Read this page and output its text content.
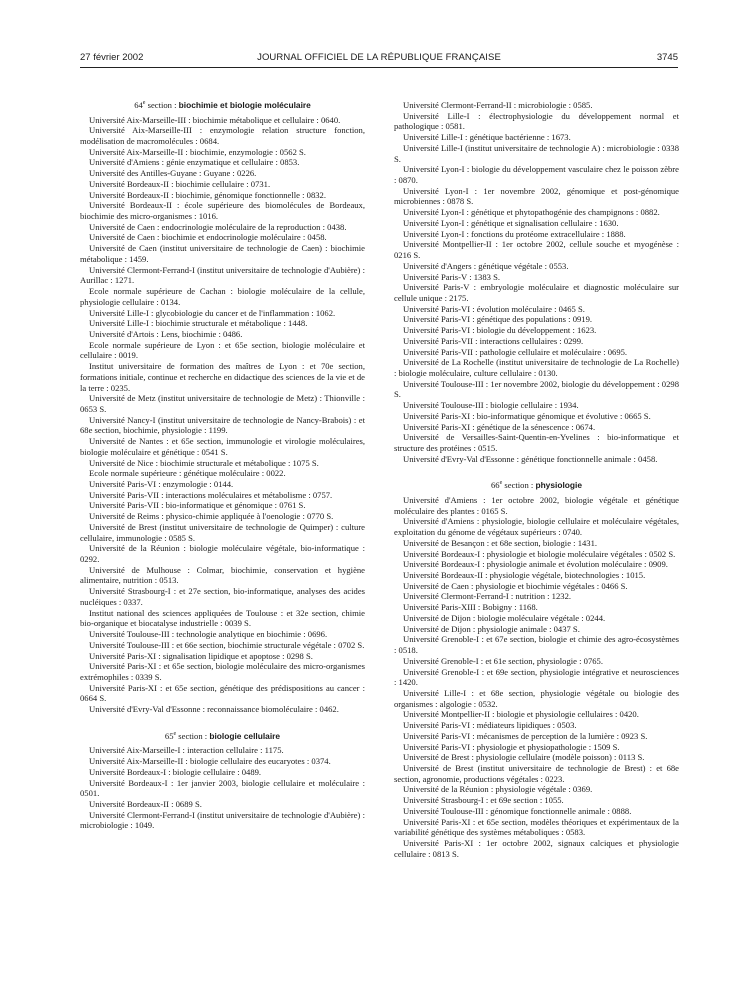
27 février 2002	JOURNAL OFFICIEL DE LA RÉPUBLIQUE FRANÇAISE	3745

64e section : biochimie et biologie moléculaire

Université Aix-Marseille-III : biochimie métabolique et cellulaire : 0640.

Université Aix-Marseille-III : enzymologie relation structure fonction, modélisation de macromolécules : 0684.

Université Aix-Marseille-II : biochimie, enzymologie : 0562 S.

Université d'Amiens : génie enzymatique et cellulaire : 0853.

Université des Antilles-Guyane : Guyane : 0226.

Université Bordeaux-II : biochimie cellulaire : 0731.

Université Bordeaux-II : biochimie, génomique fonctionnelle : 0832.

Université Bordeaux-II : école supérieure des biomolécules de Bordeaux, biochimie des micro-organismes : 1016.

Université de Caen : endocrinologie moléculaire de la reproduction : 0438.

Université de Caen : biochimie et endocrinologie moléculaire : 0458.

Université de Caen (institut universitaire de technologie de Caen) : biochimie métabolique : 1459.

Université Clermont-Ferrand-I (institut universitaire de technologie d'Aubière) : Aurillac : 1271.

Ecole normale supérieure de Cachan : biologie moléculaire de la cellule, physiologie cellulaire : 0134.

Université Lille-I : glycobiologie du cancer et de l'inflammation : 1062.

Université Lille-I : biochimie structurale et métabolique : 1448.

Université d'Artois : Lens, biochimie : 0486.

Ecole normale supérieure de Lyon : et 65e section, biologie moléculaire et cellulaire : 0019.

Institut universitaire de formation des maîtres de Lyon : et 70e section, formations initiale, continue et recherche en didactique des sciences de la vie et de la terre : 0235.

Université de Metz (institut universitaire de technologie de Metz) : Thionville : 0653 S.

Université Nancy-I (institut universitaire de technologie de Nancy-Brabois) : et 68e section, biochimie, physiologie : 1199.

Université de Nantes : et 65e section, immunologie et virologie moléculaires, biologie moléculaire et génétique : 0541 S.

Université de Nice : biochimie structurale et métabolique : 1075 S.

Ecole normale supérieure : génétique moléculaire : 0022.

Université Paris-VI : enzymologie : 0144.

Université Paris-VII : interactions moléculaires et métabolisme : 0757.

Université Paris-VII : bio-informatique et génomique : 0761 S.

Université de Reims : physico-chimie appliquée à l'oenologie : 0770 S.

Université de Brest (institut universitaire de technologie de Quimper) : culture cellulaire, immunologie : 0585 S.

Université de la Réunion : biologie moléculaire végétale, bio-informatique : 0292.

Université de Mulhouse : Colmar, biochimie, conservation et hygiène alimentaire, nutrition : 0513.

Université Strasbourg-I : et 27e section, bio-informatique, analyses des acides nucléiques : 0337.

Institut national des sciences appliquées de Toulouse : et 32e section, chimie bio-organique et biocatalyse industrielle : 0039 S.

Université Toulouse-III : technologie analytique en biochimie : 0696.

Université Toulouse-III : et 66e section, biochimie structurale végétale : 0702 S.

Université Paris-XI : signalisation lipidique et apoptose : 0298 S.

Université Paris-XI : et 65e section, biologie moléculaire des micro-organismes extrémophiles : 0339 S.

Université Paris-XI : et 65e section, génétique des prédispositions au cancer : 0664 S.

Université d'Evry-Val d'Essonne : reconnaissance biomoléculaire : 0462.

65e section : biologie cellulaire

Université Aix-Marseille-I : interaction cellulaire : 1175.

Université Aix-Marseille-II : biologie cellulaire des eucaryotes : 0374.

Université Bordeaux-I : biologie cellulaire : 0489.

Université Bordeaux-I : 1er janvier 2003, biologie cellulaire et moléculaire : 0501.

Université Bordeaux-II : 0689 S.

Université Clermont-Ferrand-I (institut universitaire de technologie d'Aubière) : microbiologie : 1049.

Université Clermont-Ferrand-II : microbiologie : 0585.

Université Lille-I : électrophysiologie du développement normal et pathologique : 0581.

Université Lille-I : génétique bactérienne : 1673.

Université Lille-I (institut universitaire de technologie A) : microbiologie : 0338 S.

Université Lyon-I : biologie du développement vasculaire chez le poisson zèbre : 0870.

Université Lyon-I : 1er novembre 2002, génomique et post-génomique microbiennes : 0878 S.

Université Lyon-I : génétique et phytopathogénie des champignons : 0882.

Université Lyon-I : génétique et signalisation cellulaire : 1630.

Université Lyon-I : fonctions du protéome extracellulaire : 1888.

Université Montpellier-II : 1er octobre 2002, cellule souche et myogénèse : 0216 S.

Université d'Angers : génétique végétale : 0553.

Université Paris-V : 1383 S.

Université Paris-V : embryologie moléculaire et diagnostic moléculaire sur cellule unique : 2175.

Université Paris-VI : évolution moléculaire : 0465 S.

Université Paris-VI : génétique des populations : 0919.

Université Paris-VI : biologie du développement : 1623.

Université Paris-VII : interactions cellulaires : 0299.

Université Paris-VII : pathologie cellulaire et moléculaire : 0695.

Université de La Rochelle (institut universitaire de technologie de La Rochelle) : biologie moléculaire, culture cellulaire : 0130.

Université Toulouse-III : 1er novembre 2002, biologie du développement : 0298 S.

Université Toulouse-III : biologie cellulaire : 1934.

Université Paris-XI : bio-informatique génomique et évolutive : 0665 S.

Université Paris-XI : génétique de la sénescence : 0674.

Université de Versailles-Saint-Quentin-en-Yvelines : bio-informatique et structure des protéines : 0515.

Université d'Evry-Val d'Essonne : génétique fonctionnelle animale : 0458.

66e section : physiologie

Université d'Amiens : 1er octobre 2002, biologie végétale et génétique moléculaire des plantes : 0165 S.

Université d'Amiens : physiologie, biologie cellulaire et moléculaire végétales, exploitation du génome de végétaux supérieurs : 0740.

Université de Besançon : et 68e section, biologie : 1431.

Université Bordeaux-I : physiologie et biologie moléculaire végétales : 0502 S.

Université Bordeaux-I : physiologie animale et évolution moléculaire : 0909.

Université Bordeaux-II : physiologie végétale, biotechnologies : 1015.

Université de Caen : physiologie et biochimie végétales : 0466 S.

Université Clermont-Ferrand-I : nutrition : 1232.

Université Paris-XIII : Bobigny : 1168.

Université de Dijon : biologie moléculaire végétale : 0244.

Université de Dijon : physiologie animale : 0437 S.

Université Grenoble-I : et 67e section, biologie et chimie des agro-écosystèmes : 0518.

Université Grenoble-I : et 61e section, physiologie : 0765.

Université Grenoble-I : et 69e section, physiologie intégrative et neurosciences : 1420.

Université Lille-I : et 68e section, physiologie végétale ou biologie des organismes : algologie : 0532.

Université Montpellier-II : biologie et physiologie cellulaires : 0420.

Université Paris-VI : médiateurs lipidiques : 0503.

Université Paris-VI : mécanismes de perception de la lumière : 0923 S.

Université Paris-VI : physiologie et physiopathologie : 1509 S.

Université de Brest : physiologie cellulaire (modèle poisson) : 0113 S.

Université de Brest (institut universitaire de technologie de Brest) : et 68e section, agronomie, productions végétales : 0223.

Université de la Réunion : physiologie végétale : 0369.

Université Strasbourg-I : et 69e section : 1055.

Université Toulouse-III : génomique fonctionnelle animale : 0888.

Université Paris-XI : et 65e section, modèles théoriques et expérimentaux de la variabilité génétique des systèmes métaboliques : 0583.

Université Paris-XI : 1er octobre 2002, signaux calciques et physiologie cellulaire : 0813 S.
